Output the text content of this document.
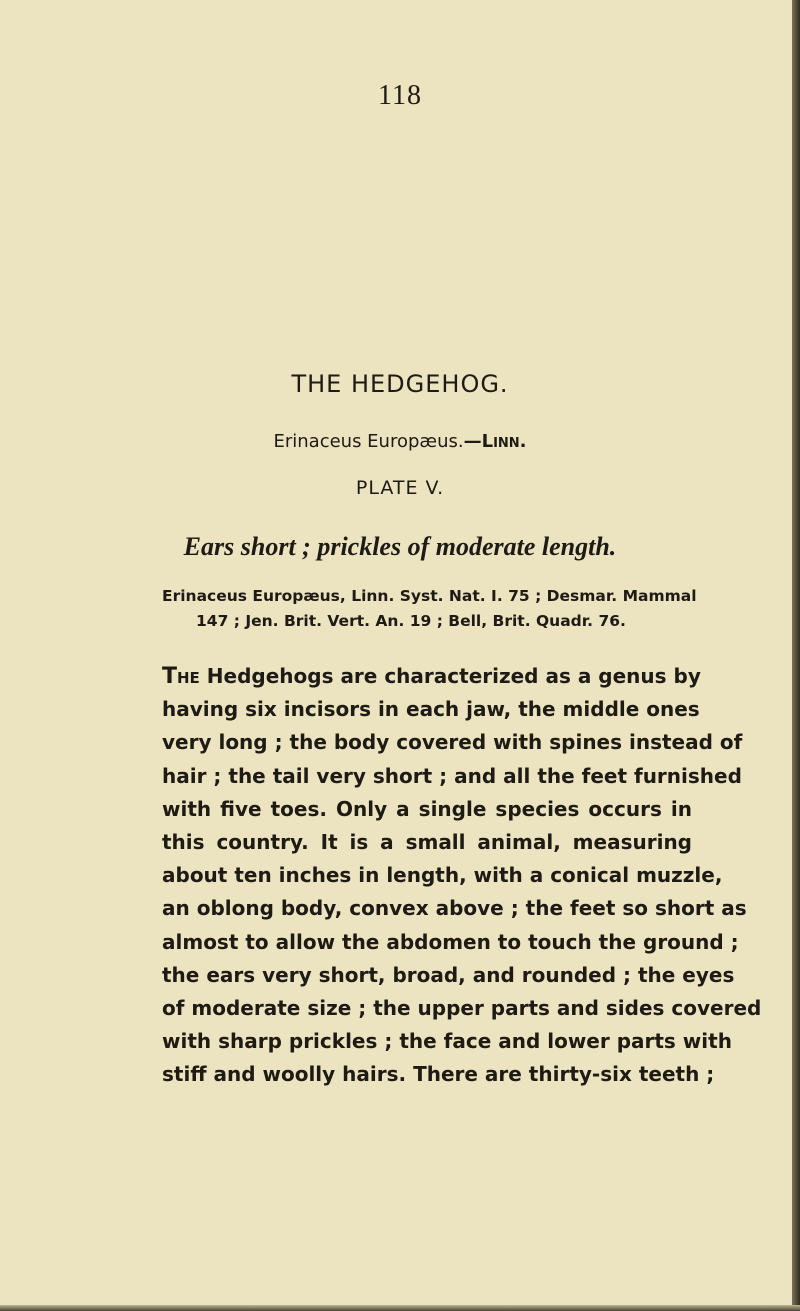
118
THE HEDGEHOG.
Erinaceus Europæus.—Linn.
PLATE V.
Ears short ; prickles of moderate length.
Erinaceus Europæus, Linn. Syst. Nat. I. 75 ; Desmar. Mammal
147 ; Jen. Brit. Vert. An. 19 ; Bell, Brit. Quadr. 76.
The Hedgehogs are characterized as a genus by
having six incisors in each jaw, the middle ones
very long ; the body covered with spines instead of
hair ; the tail very short ; and all the feet furnished
with five toes. Only a single species occurs in
this country. It is a small animal, measuring
about ten inches in length, with a conical muzzle,
an oblong body, convex above ; the feet so short as
almost to allow the abdomen to touch the ground ;
the ears very short, broad, and rounded ; the eyes
of moderate size ; the upper parts and sides covered
with sharp prickles ; the face and lower parts with
stiff and woolly hairs. There are thirty-six teeth ;
